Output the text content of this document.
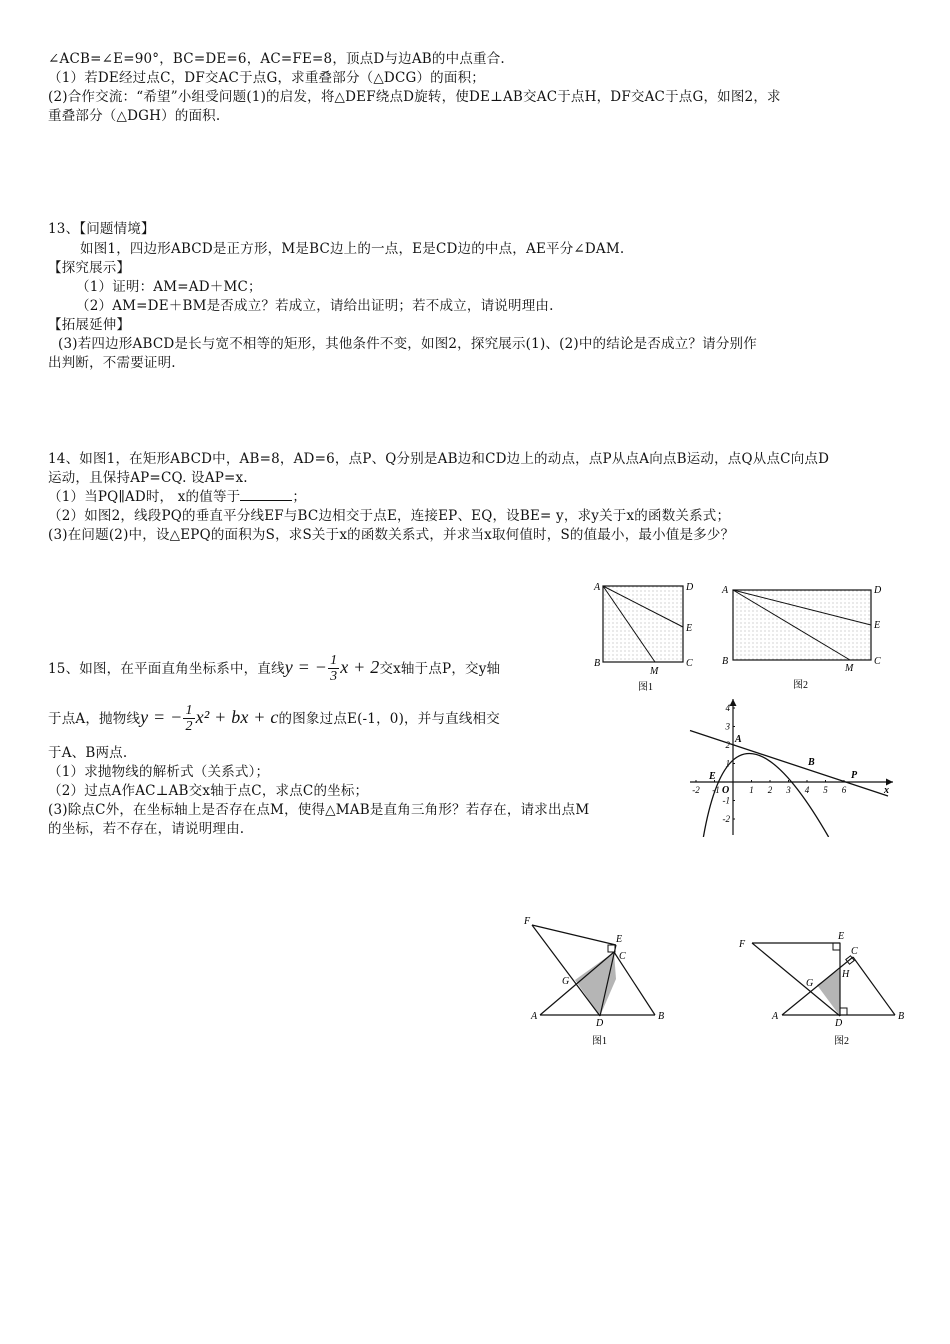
∠ACB=∠E=90°，BC=DE=6，AC=FE=8，顶点D与边AB的中点重合.
（1）若DE经过点C，DF交AC于点G，求重叠部分（△DCG）的面积；
(2)合作交流：“希望”小组受问题(1)的启发，将△DEF绕点D旋转，使DE⊥AB交AC于点H，DF交AC于点G，如图2，求
重叠部分（△DGH）的面积.
13、【问题情境】
如图1，四边形ABCD是正方形，M是BC边上的一点，E是CD边的中点，AE平分∠DAM.
【探究展示】
（1）证明：AM=AD＋MC；
（2）AM=DE＋BM是否成立？若成立，请给出证明；若不成立，请说明理由.
【拓展延伸】
(3)若四边形ABCD是长与宽不相等的矩形，其他条件不变，如图2，探究展示(1)、(2)中的结论是否成立？请分别作
出判断，不需要证明.
14、如图1，在矩形ABCD中，AB=8，AD=6，点P、Q分别是AB边和CD边上的动点，点P从点A向点B运动，点Q从点C向点D
运动，且保持AP=CQ. 设AP=x.
（1）当PQ∥AD时， x的值等于	；
（2）如图2，线段PQ的垂直平分线EF与BC边相交于点E，连接EP、EQ，设BE= y，求y关于x的函数关系式；
(3)在问题(2)中，设△EPQ的面积为S，求S关于x的函数关系式，并求当x取何值时，S的值最小，最小值是多少？
15、如图，在平面直角坐标系中，直线y = − $\frac{1}{3}$ x + 2交x轴于点P，交y轴
于点A，抛物线y = − $\frac{1}{2} x^2$ + bx + c的图象过点E(-1，0)，并与直线相交
于A、B两点.
（1）求抛物线的解析式（关系式）；
（2）过点A作AC⊥AB交x轴于点C，求点C的坐标；
(3)除点C外，在坐标轴上是否存在点M，使得△MAB是直角三角形？若存在，请求出点M
的坐标，若不存在，请说明理由.
A	D
E
B	C
M
图1
A	D
E
B	C
M
图2
-2 -1	1 2 3 4 5 6
4
3
2
1
-1
-2
E
A
B
P
O	x
F
E
C
G
A
D
B
图1
F
E
C
H
G
A
D
B
图2
